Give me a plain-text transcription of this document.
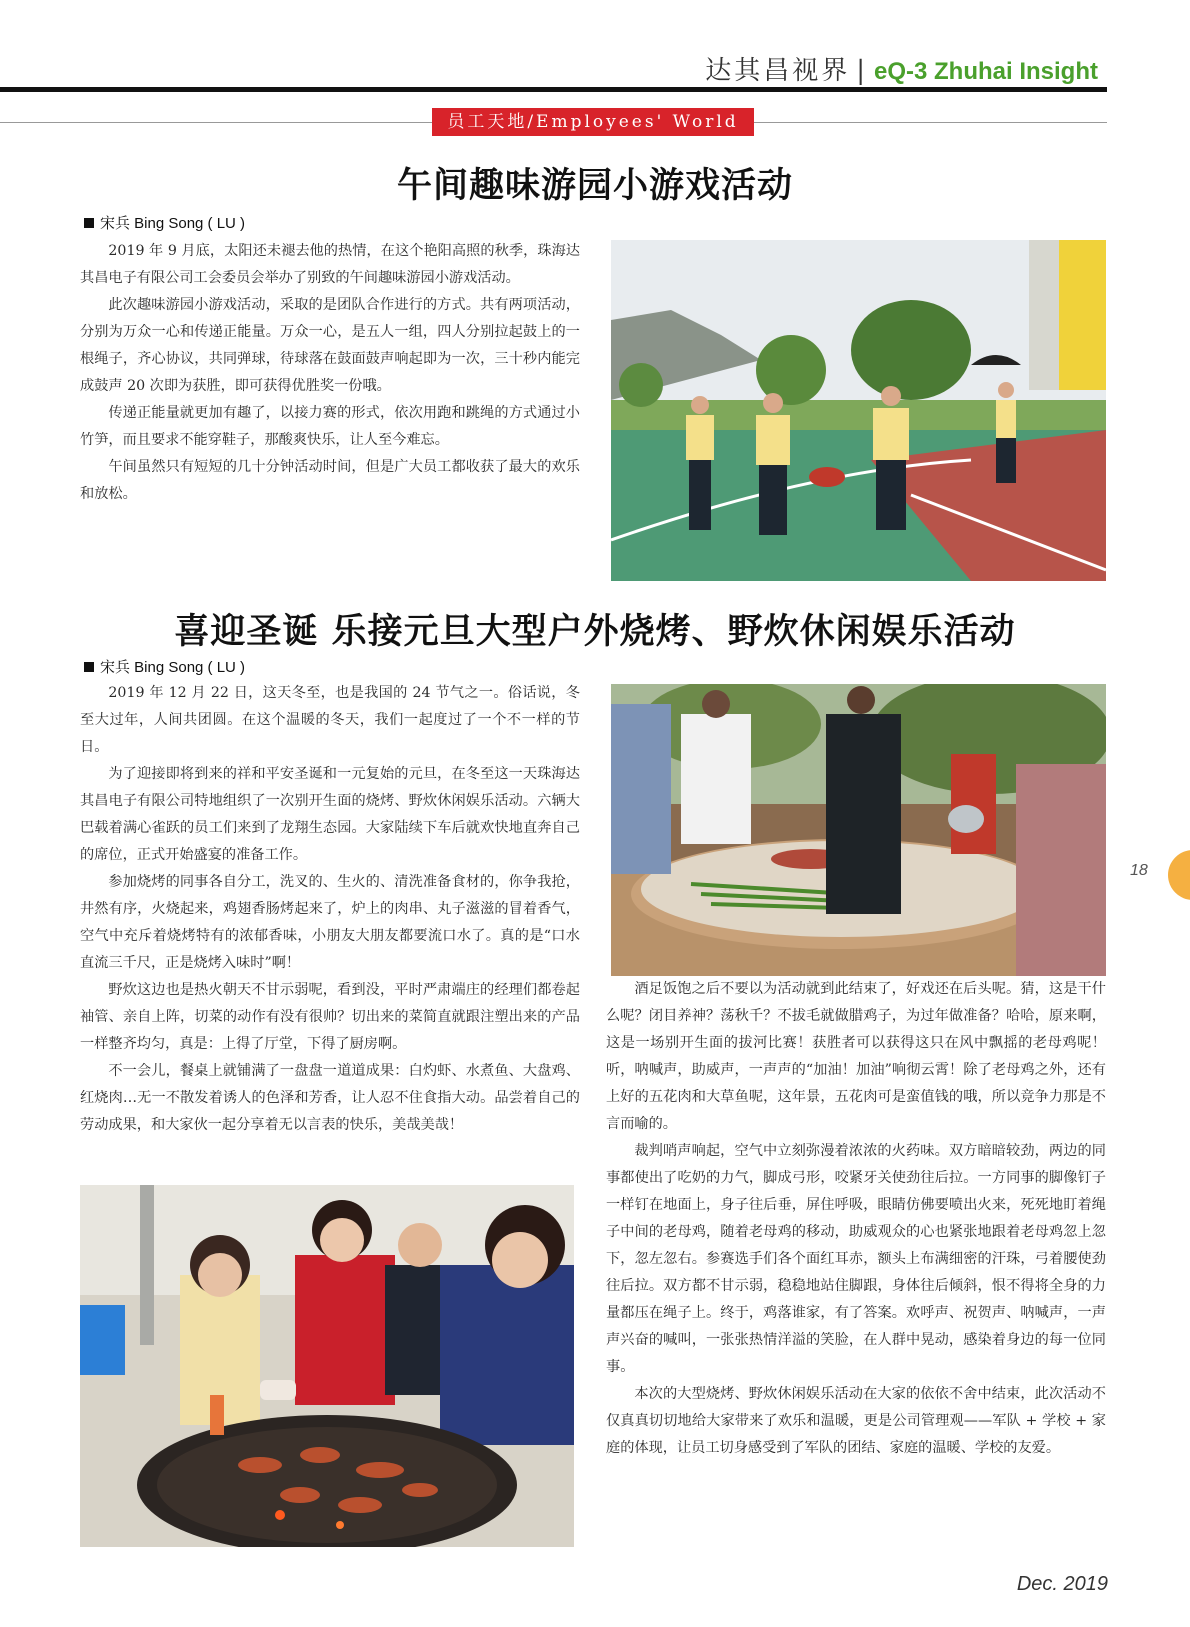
达其昌视界 | eQ-3 Zhuhai Insight
员工天地/Employees' World
午间趣味游园小游戏活动
宋兵 Bing Song ( LU )

2019 年 9 月底，太阳还未褪去他的热情，在这个艳阳高照的秋季，珠海达其昌电子有限公司工会委员会举办了别致的午间趣味游园小游戏活动。

此次趣味游园小游戏活动，采取的是团队合作进行的方式。共有两项活动，分别为万众一心和传递正能量。万众一心，是五人一组，四人分别拉起鼓上的一根绳子，齐心协议，共同弹球，待球落在鼓面鼓声响起即为一次，三十秒内能完成鼓声 20 次即为获胜，即可获得优胜奖一份哦。

传递正能量就更加有趣了，以接力赛的形式，依次用跑和跳绳的方式通过小竹笋，而且要求不能穿鞋子，那酸爽快乐，让人至今难忘。

午间虽然只有短短的几十分钟活动时间，但是广大员工都收获了最大的欢乐和放松。

喜迎圣诞 乐接元旦大型户外烧烤、野炊休闲娱乐活动
宋兵 Bing Song ( LU )

2019 年 12 月 22 日，这天冬至，也是我国的 24 节气之一。俗话说，冬至大过年，人间共团圆。在这个温暖的冬天，我们一起度过了一个不一样的节日。

为了迎接即将到来的祥和平安圣诞和一元复始的元旦，在冬至这一天珠海达其昌电子有限公司特地组织了一次别开生面的烧烤、野炊休闲娱乐活动。六辆大巴载着满心雀跃的员工们来到了龙翔生态园。大家陆续下车后就欢快地直奔自己的席位，正式开始盛宴的准备工作。

参加烧烤的同事各自分工，洗叉的、生火的、清洗准备食材的，你争我抢，井然有序，火烧起来，鸡翅香肠烤起来了，炉上的肉串、丸子滋滋的冒着香气，空气中充斥着烧烤特有的浓郁香味，小朋友大朋友都要流口水了。真的是“口水直流三千尺，正是烧烤入味时”啊！

野炊这边也是热火朝天不甘示弱呢，看到没，平时严肃端庄的经理们都卷起袖管、亲自上阵，切菜的动作有没有很帅？切出来的菜简直就跟注塑出来的产品一样整齐均匀，真是：上得了厅堂，下得了厨房啊。

不一会儿，餐桌上就铺满了一盘盘一道道成果：白灼虾、水煮鱼、大盘鸡、红烧肉…无一不散发着诱人的色泽和芳香，让人忍不住食指大动。品尝着自己的劳动成果，和大家伙一起分享着无以言表的快乐，美哉美哉！

酒足饭饱之后不要以为活动就到此结束了，好戏还在后头呢。猜，这是干什么呢？闭目养神？荡秋千？不拔毛就做腊鸡子，为过年做准备？哈哈，原来啊，这是一场别开生面的拔河比赛！获胜者可以获得这只在风中飘摇的老母鸡呢！听，呐喊声，助威声，一声声的“加油！加油”响彻云霄！除了老母鸡之外，还有上好的五花肉和大草鱼呢，这年景，五花肉可是蛮值钱的哦，所以竞争力那是不言而喻的。

裁判哨声响起，空气中立刻弥漫着浓浓的火药味。双方暗暗较劲，两边的同事都使出了吃奶的力气，脚成弓形，咬紧牙关使劲往后拉。一方同事的脚像钉子一样钉在地面上，身子往后垂，屏住呼吸，眼睛仿佛要喷出火来，死死地盯着绳子中间的老母鸡，随着老母鸡的移动，助威观众的心也紧张地跟着老母鸡忽上忽下，忽左忽右。参赛选手们各个面红耳赤，额头上布满细密的汗珠，弓着腰使劲往后拉。双方都不甘示弱，稳稳地站住脚跟，身体往后倾斜，恨不得将全身的力量都压在绳子上。终于，鸡落谁家，有了答案。欢呼声、祝贺声、呐喊声，一声声兴奋的喊叫，一张张热情洋溢的笑脸，在人群中晃动，感染着身边的每一位同事。

本次的大型烧烤、野炊休闲娱乐活动在大家的依依不舍中结束，此次活动不仅真真切切地给大家带来了欢乐和温暖，更是公司管理观——军队 + 学校 + 家庭的体现，让员工切身感受到了军队的团结、家庭的温暖、学校的友爱。

18
Dec. 2019
